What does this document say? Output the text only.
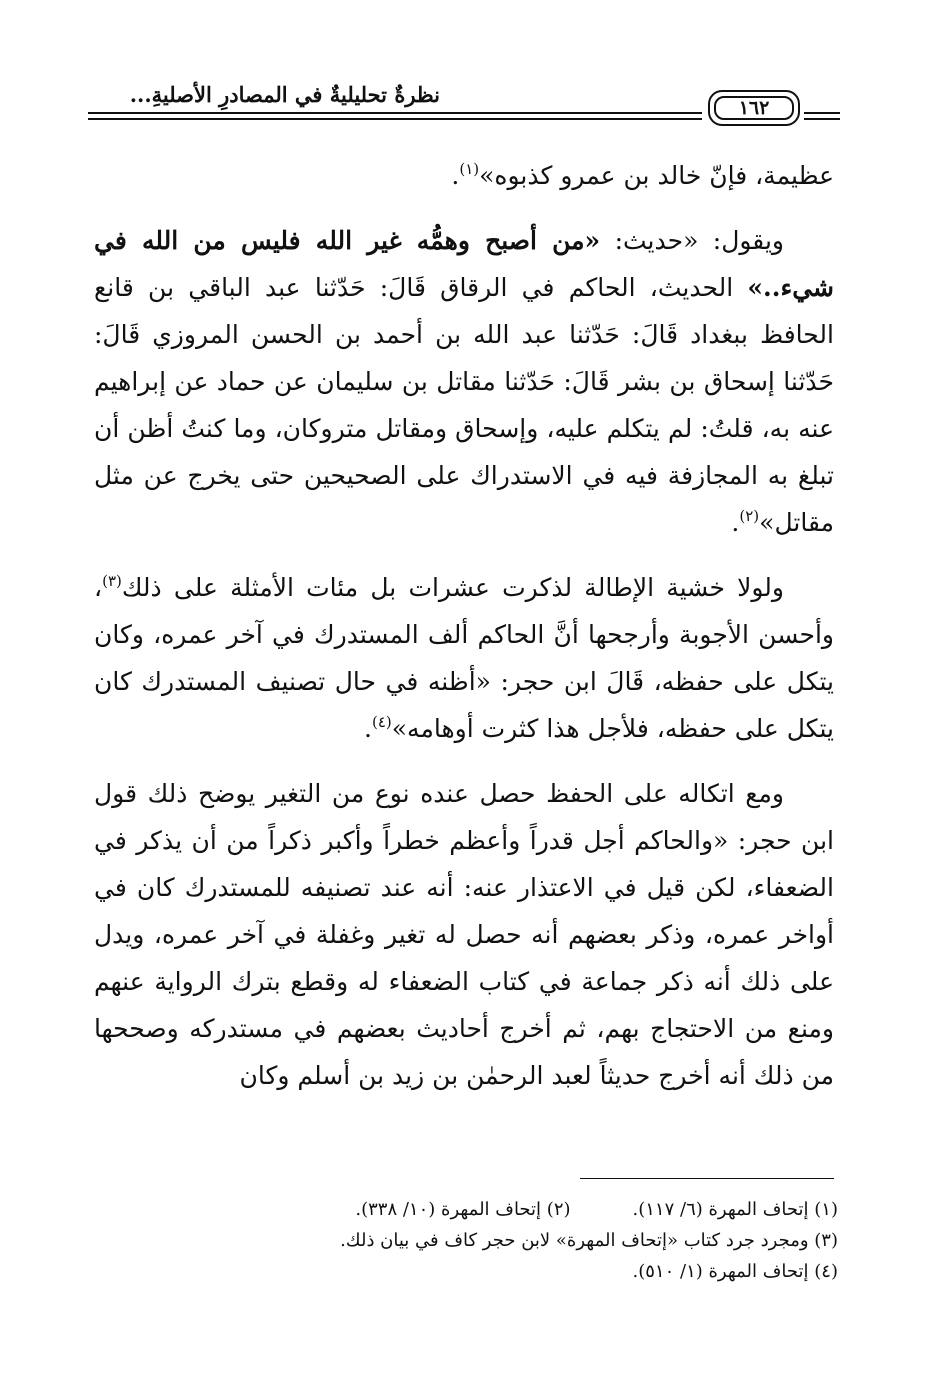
نظرةٌ تحليليةٌ في المصادرِ الأصليةِ...
١٦٢

عظيمة، فإنّ خالد بن عمرو كذبوه»$^{(١)}$.

ويقول: «حديث: «من أصبح وهمُّه غير الله فليس من الله في شيء..» الحديث، الحاكم في الرقاق قَالَ: حَدّثنا عبد الباقي بن قانع الحافظ ببغداد قَالَ: حَدّثنا عبد الله بن أحمد بن الحسن المروزي قَالَ: حَدّثنا إسحاق بن بشر قَالَ: حَدّثنا مقاتل بن سليمان عن حماد عن إبراهيم عنه به، قلتُ: لم يتكلم عليه، وإسحاق ومقاتل متروكان، وما كنتُ أظن أن تبلغ به المجازفة فيه في الاستدراك على الصحيحين حتى يخرج عن مثل مقاتل»$^{(٢)}$.

ولولا خشية الإطالة لذكرت عشرات بل مئات الأمثلة على ذلك$^{(٣)}$، وأحسن الأجوبة وأرجحها أنَّ الحاكم ألف المستدرك في آخر عمره، وكان يتكل على حفظه، قَالَ ابن حجر: «أظنه في حال تصنيف المستدرك كان يتكل على حفظه، فلأجل هذا كثرت أوهامه»$^{(٤)}$.

ومع اتكاله على الحفظ حصل عنده نوع من التغير يوضح ذلك قول ابن حجر: «والحاكم أجل قدراً وأعظم خطراً وأكبر ذكراً من أن يذكر في الضعفاء، لكن قيل في الاعتذار عنه: أنه عند تصنيفه للمستدرك كان في أواخر عمره، وذكر بعضهم أنه حصل له تغير وغفلة في آخر عمره، ويدل على ذلك أنه ذكر جماعة في كتاب الضعفاء له وقطع بترك الرواية عنهم ومنع من الاحتجاج بهم، ثم أخرج أحاديث بعضهم في مستدركه وصححها من ذلك أنه أخرج حديثاً لعبد الرحمٰن بن زيد بن أسلم وكان

(١) إتحاف المهرة (٦/ ١١٧).(٢) إتحاف المهرة (١٠/ ٣٣٨).
(٣) ومجرد جرد كتاب «إتحاف المهرة» لابن حجر كاف في بيان ذلك.
(٤) إتحاف المهرة (١/ ٥١٠).
